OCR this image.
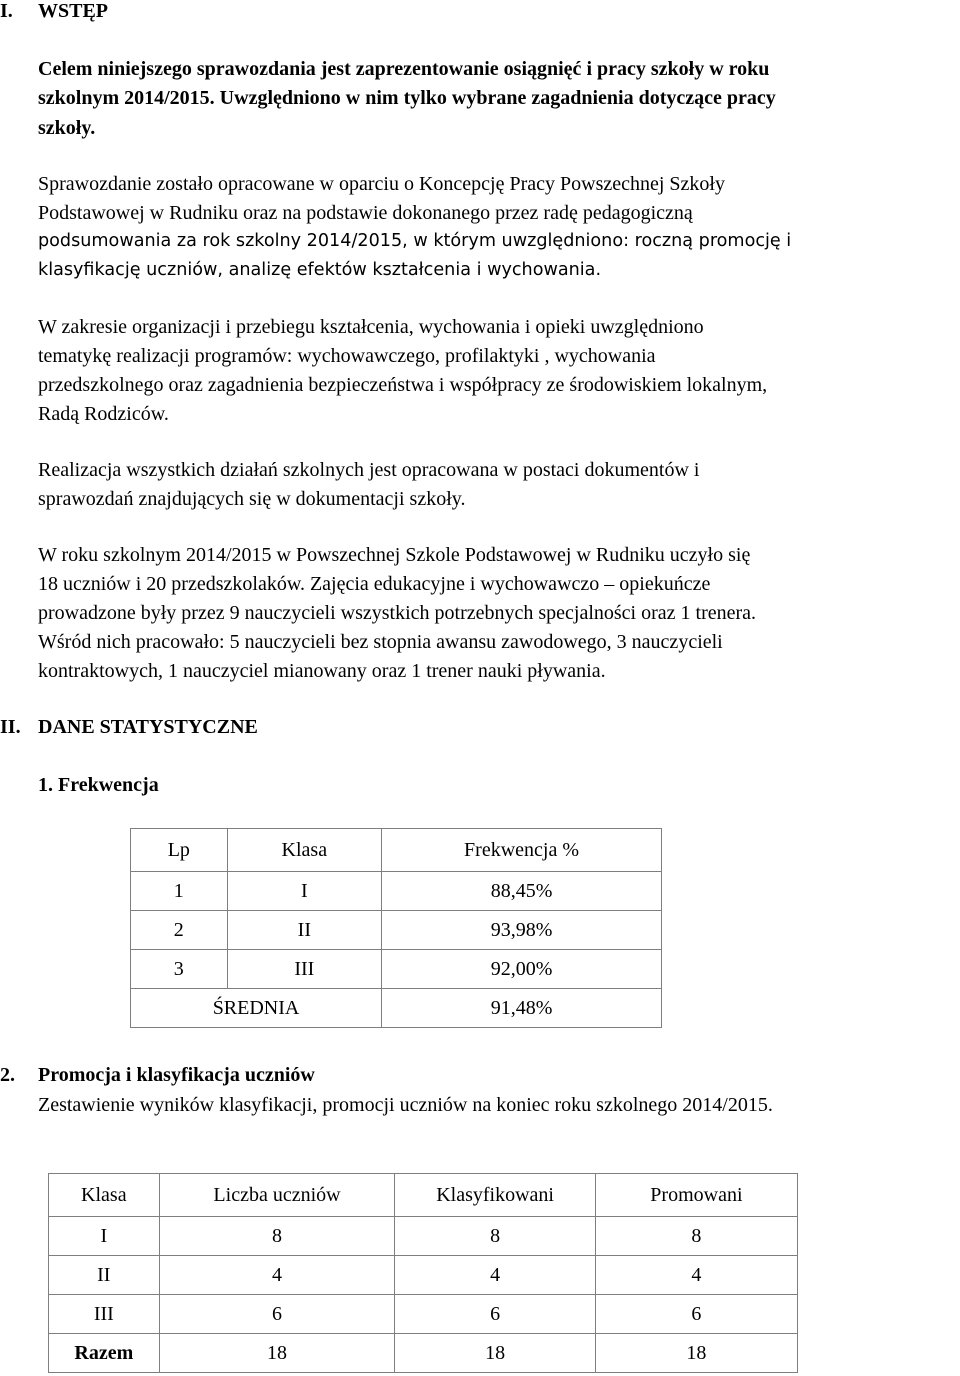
I. WSTĘP
Celem niniejszego sprawozdania jest zaprezentowanie osiągnięć i pracy szkoły w roku
szkolnym 2014/2015. Uwzględniono w nim tylko wybrane zagadnienia dotyczące pracy
szkoły.
Sprawozdanie zostało opracowane w oparciu o Koncepcję Pracy Powszechnej Szkoły
Podstawowej w Rudniku oraz na podstawie dokonanego przez radę pedagogiczną
podsumowania za rok szkolny 2014/2015, w którym uwzględniono: roczną promocję i
klasyfikację uczniów, analizę efektów kształcenia i wychowania.
W zakresie organizacji i przebiegu kształcenia, wychowania i opieki uwzględniono
tematykę realizacji programów: wychowawczego, profilaktyki , wychowania
przedszkolnego oraz zagadnienia bezpieczeństwa i współpracy ze środowiskiem lokalnym,
Radą Rodziców.
Realizacja wszystkich działań szkolnych jest opracowana w postaci dokumentów i
sprawozdań znajdujących się w dokumentacji szkoły.
W roku szkolnym 2014/2015 w Powszechnej Szkole Podstawowej w Rudniku uczyło się
18 uczniów i 20 przedszkolaków. Zajęcia edukacyjne i wychowawczo – opiekuńcze
prowadzone były przez 9 nauczycieli wszystkich potrzebnych specjalności oraz 1 trenera.
Wśród nich pracowało: 5 nauczycieli bez stopnia awansu zawodowego, 3 nauczycieli
kontraktowych, 1 nauczyciel mianowany oraz 1 trener nauki pływania.
II. DANE STATYSTYCZNE
1. Frekwencja
Lp	Klasa	Frekwencja %
1	I	88,45%
2	II	93,98%
3	III	92,00%
ŚREDNIA		91,48%
2. Promocja i klasyfikacja uczniów
Zestawienie wyników klasyfikacji, promocji uczniów na koniec roku szkolnego 2014/2015.
Klasa	Liczba uczniów	Klasyfikowani	Promowani
I	8	8	8
II	4	4	4
III	6	6	6
Razem	18	18	18
